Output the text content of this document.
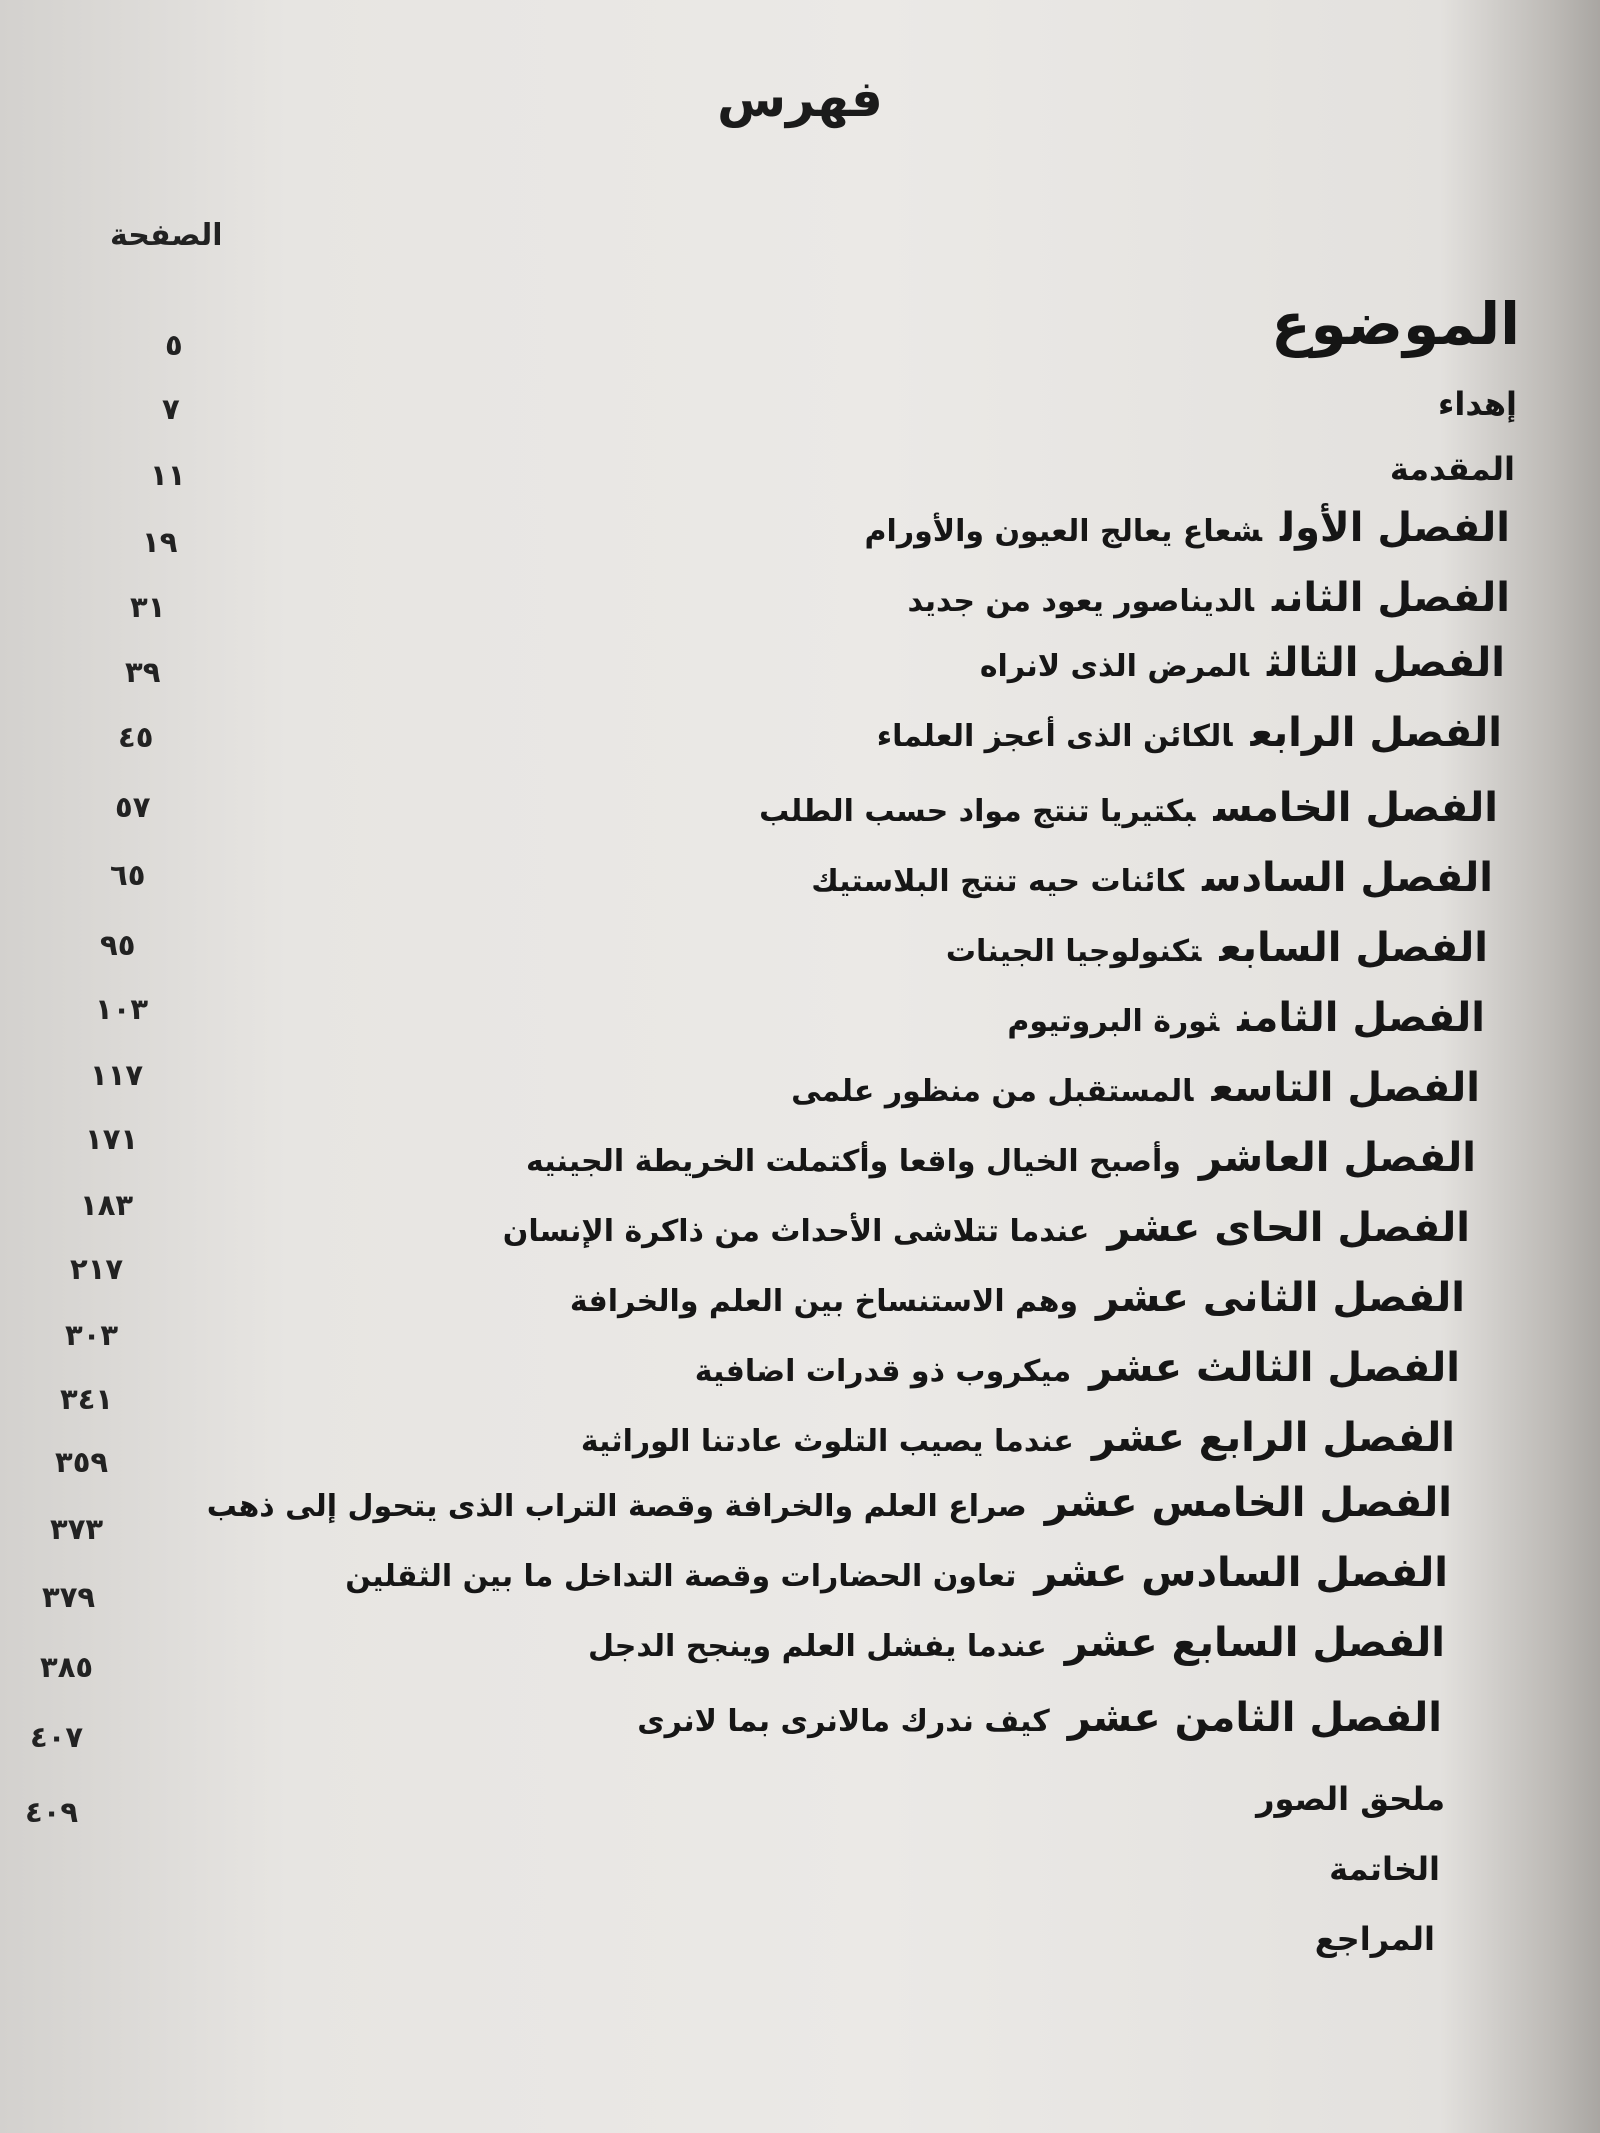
فهرس
الصفحة
الموضوع
إهداء
٥
المقدمة
٧
الفصل الأولشعاع يعالج العيون والأورام
١١
الفصل الثانىالديناصور يعود من جديد
١٩
الفصل الثالثالمرض الذى لانراه
٣١
الفصل الرابعالكائن الذى أعجز العلماء
٣٩
الفصل الخامسبكتيريا تنتج مواد حسب الطلب
٤٥
الفصل السادسكائنات حيه تنتج البلاستيك
٥٧
الفصل السابعتكنولوجيا الجينات
٦٥
الفصل الثامنثورة البروتيوم
٩٥
الفصل التاسعالمستقبل من منظور علمى
١٠٣
الفصل العاشروأصبح الخيال واقعا وأكتملت الخريطة الجينيه
١١٧
الفصل الحاى عشرعندما تتلاشى الأحداث من ذاكرة الإنسان
١٧١
الفصل الثانى عشروهم الاستنساخ بين العلم والخرافة
١٨٣
الفصل الثالث عشرميكروب ذو قدرات اضافية
٢١٧
الفصل الرابع عشرعندما يصيب التلوث عادتنا الوراثية
٣٠٣
الفصل الخامس عشرصراع العلم والخرافة وقصة التراب الذى يتحول إلى ذهب
٣٤١
الفصل السادس عشرتعاون الحضارات وقصة التداخل ما بين الثقلين
٣٥٩
الفصل السابع عشرعندما يفشل العلم وينجح الدجل
٣٧٣
الفصل الثامن عشركيف ندرك مالانرى بما لانرى
٣٧٩
ملحق الصور
٣٨٥
الخاتمة
٤٠٧
المراجع
٤٠٩
